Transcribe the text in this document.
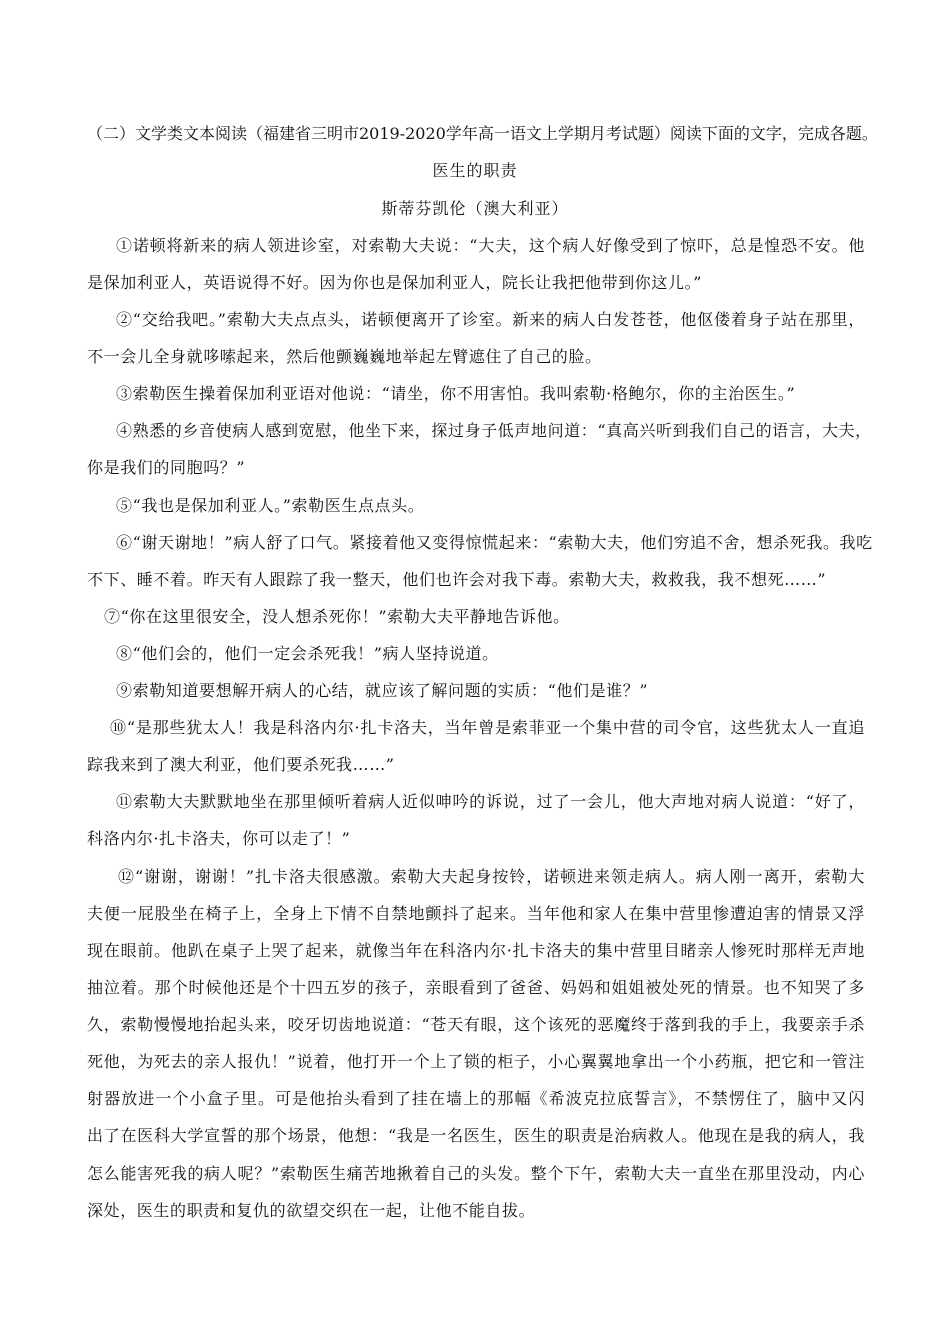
（二）文学类文本阅读（福建省三明市2019-2020学年高一语文上学期月考试题）阅读下面的文字，完成各题。
医生的职责
斯蒂芬凯伦（澳大利亚）
①诺顿将新来的病人领进诊室，对索勒大夫说：“大夫，这个病人好像受到了惊吓，总是惶恐不安。他
是保加利亚人，英语说得不好。因为你也是保加利亚人，院长让我把他带到你这儿。”
②“交给我吧。”索勒大夫点点头，诺顿便离开了诊室。新来的病人白发苍苍，他伛偻着身子站在那里，
不一会儿全身就哆嗦起来，然后他颤巍巍地举起左臂遮住了自己的脸。
③索勒医生操着保加利亚语对他说：“请坐，你不用害怕。我叫索勒·格鲍尔，你的主治医生。”
④熟悉的乡音使病人感到宽慰，他坐下来，探过身子低声地问道：“真高兴听到我们自己的语言，大夫，
你是我们的同胞吗？”
⑤“我也是保加利亚人。”索勒医生点点头。
⑥“谢天谢地！”病人舒了口气。紧接着他又变得惊慌起来：“索勒大夫，他们穷追不舍，想杀死我。我吃
不下、睡不着。昨天有人跟踪了我一整天，他们也许会对我下毒。索勒大夫，救救我，我不想死……”
⑦“你在这里很安全，没人想杀死你！”索勒大夫平静地告诉他。
⑧“他们会的，他们一定会杀死我！”病人坚持说道。
⑨索勒知道要想解开病人的心结，就应该了解问题的实质：“他们是谁？”
⑩“是那些犹太人！我是科洛内尔·扎卡洛夫，当年曾是索菲亚一个集中营的司令官，这些犹太人一直追
踪我来到了澳大利亚，他们要杀死我……”
⑪索勒大夫默默地坐在那里倾听着病人近似呻吟的诉说，过了一会儿，他大声地对病人说道：“好了，
科洛内尔·扎卡洛夫，你可以走了！”
⑫“谢谢，谢谢！”扎卡洛夫很感激。索勒大夫起身按铃，诺顿进来领走病人。病人刚一离开，索勒大
夫便一屁股坐在椅子上，全身上下情不自禁地颤抖了起来。当年他和家人在集中营里惨遭迫害的情景又浮
现在眼前。他趴在桌子上哭了起来，就像当年在科洛内尔·扎卡洛夫的集中营里目睹亲人惨死时那样无声地
抽泣着。那个时候他还是个十四五岁的孩子，亲眼看到了爸爸、妈妈和姐姐被处死的情景。也不知哭了多
久，索勒慢慢地抬起头来，咬牙切齿地说道：“苍天有眼，这个该死的恶魔终于落到我的手上，我要亲手杀
死他，为死去的亲人报仇！”说着，他打开一个上了锁的柜子，小心翼翼地拿出一个小药瓶，把它和一管注
射器放进一个小盒子里。可是他抬头看到了挂在墙上的那幅《希波克拉底誓言》，不禁愣住了，脑中又闪
出了在医科大学宣誓的那个场景，他想：“我是一名医生，医生的职责是治病救人。他现在是我的病人，我
怎么能害死我的病人呢？”索勒医生痛苦地揪着自己的头发。整个下午，索勒大夫一直坐在那里没动，内心
深处，医生的职责和复仇的欲望交织在一起，让他不能自拔。
